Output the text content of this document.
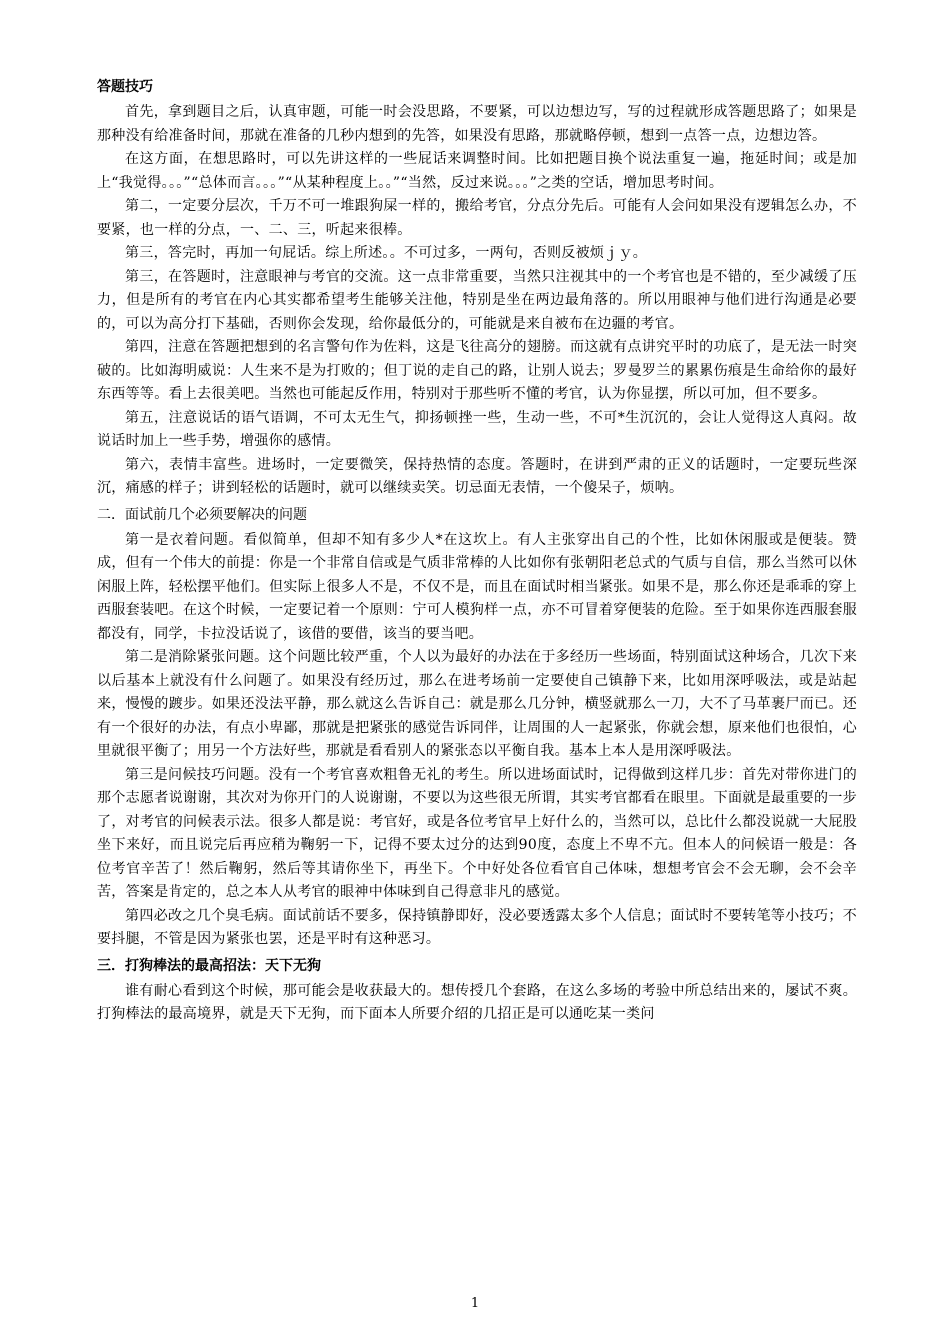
答题技巧

首先，拿到题目之后，认真审题，可能一时会没思路，不要紧，可以边想边写，写的过程就形成答题思路了；如果是那种没有给准备时间，那就在准备的几秒内想到的先答，如果没有思路，那就略停顿，想到一点答一点，边想边答。

在这方面，在想思路时，可以先讲这样的一些屁话来调整时间。比如把题目换个说法重复一遍，拖延时间；或是加上“我觉得。。。”“总体而言。。。”“从某种程度上。。”“当然，反过来说。。。”之类的空话，增加思考时间。

第二，一定要分层次，千万不可一堆跟狗屎一样的，搬给考官，分点分先后。可能有人会问如果没有逻辑怎么办，不要紧，也一样的分点，一、二、三，听起来很棒。

第三，答完时，再加一句屁话。综上所述。。不可过多，一两句，否则反被烦ｊｙ。

第三，在答题时，注意眼神与考官的交流。这一点非常重要，当然只注视其中的一个考官也是不错的，至少减缓了压力，但是所有的考官在内心其实都希望考生能够关注他，特别是坐在两边最角落的。所以用眼神与他们进行沟通是必要的，可以为高分打下基础，否则你会发现，给你最低分的，可能就是来自被布在边疆的考官。

第四，注意在答题把想到的名言警句作为佐料，这是飞往高分的翅膀。而这就有点讲究平时的功底了，是无法一时突破的。比如海明威说：人生来不是为打败的；但丁说的走自己的路，让别人说去；罗曼罗兰的累累伤痕是生命给你的最好东西等等。看上去很美吧。当然也可能起反作用，特别对于那些听不懂的考官，认为你显摆，所以可加，但不要多。

第五，注意说话的语气语调，不可太无生气，抑扬顿挫一些，生动一些，不可*生沉沉的，会让人觉得这人真闷。故说话时加上一些手势，增强你的感情。

第六，表情丰富些。进场时，一定要微笑，保持热情的态度。答题时，在讲到严肃的正义的话题时，一定要玩些深沉，痛感的样子；讲到轻松的话题时，就可以继续卖笑。切忌面无表情，一个傻呆子，烦呐。

二．面试前几个必须要解决的问题

第一是衣着问题。看似简单，但却不知有多少人*在这坎上。有人主张穿出自己的个性，比如休闲服或是便装。赞成，但有一个伟大的前提：你是一个非常自信或是气质非常棒的人比如你有张朝阳老总式的气质与自信，那么当然可以休闲服上阵，轻松摆平他们。但实际上很多人不是，不仅不是，而且在面试时相当紧张。如果不是，那么你还是乖乖的穿上西服套装吧。在这个时候，一定要记着一个原则：宁可人模狗样一点，亦不可冒着穿便装的危险。至于如果你连西服套服都没有，同学，卡拉没话说了，该借的要借，该当的要当吧。

第二是消除紧张问题。这个问题比较严重，个人以为最好的办法在于多经历一些场面，特别面试这种场合，几次下来以后基本上就没有什么问题了。如果没有经历过，那么在进考场前一定要使自己镇静下来，比如用深呼吸法，或是站起来，慢慢的踱步。如果还没法平静，那么就这么告诉自己：就是那么几分钟，横竖就那么一刀，大不了马革裹尸而已。还有一个很好的办法，有点小卑鄙，那就是把紧张的感觉告诉同伴，让周围的人一起紧张，你就会想，原来他们也很怕，心里就很平衡了；用另一个方法好些，那就是看看别人的紧张态以平衡自我。基本上本人是用深呼吸法。

第三是问候技巧问题。没有一个考官喜欢粗鲁无礼的考生。所以进场面试时，记得做到这样几步：首先对带你进门的那个志愿者说谢谢，其次对为你开门的人说谢谢，不要以为这些很无所谓，其实考官都看在眼里。下面就是最重要的一步了，对考官的问候表示法。很多人都是说：考官好，或是各位考官早上好什么的，当然可以，总比什么都没说就一大屁股坐下来好，而且说完后再应稍为鞠躬一下，记得不要太过分的达到90度，态度上不卑不亢。但本人的问候语一般是：各位考官辛苦了！然后鞠躬，然后等其请你坐下，再坐下。个中好处各位看官自己体味，想想考官会不会无聊，会不会辛苦，答案是肯定的，总之本人从考官的眼神中体味到自己得意非凡的感觉。

第四必改之几个臭毛病。面试前话不要多，保持镇静即好，没必要透露太多个人信息；面试时不要转笔等小技巧；不要抖腿，不管是因为紧张也罢，还是平时有这种恶习。

三．打狗棒法的最高招法：天下无狗

谁有耐心看到这个时候，那可能会是收获最大的。想传授几个套路，在这么多场的考验中所总结出来的，屡试不爽。打狗棒法的最高境界，就是天下无狗，而下面本人所要介绍的几招正是可以通吃某一类问

1
